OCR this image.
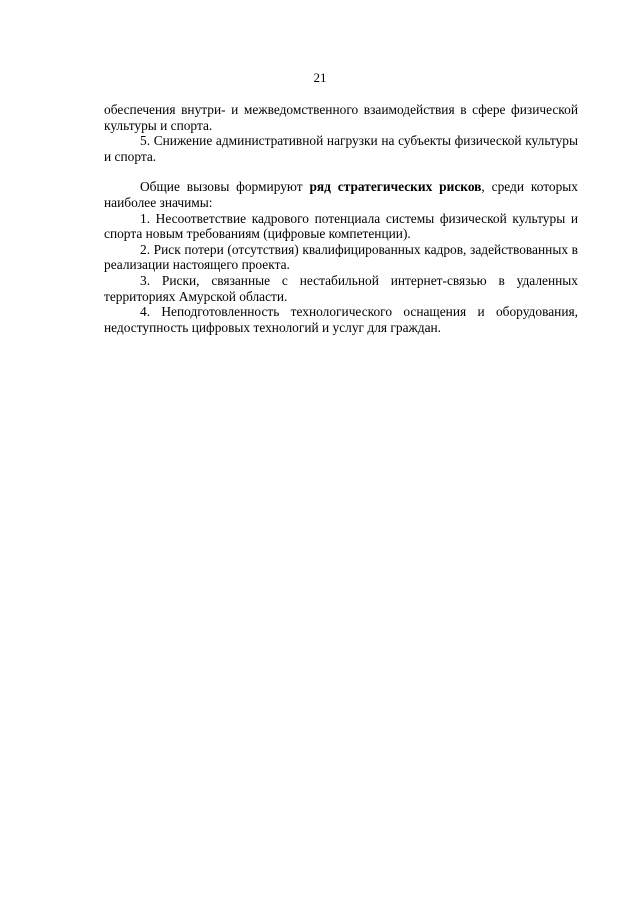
21

обеспечения внутри- и межведомственного взаимодействия в сфере физической культуры и спорта.

5. Снижение административной нагрузки на субъекты физической культуры и спорта.

Общие вызовы формируют ряд стратегических рисков, среди которых наиболее значимы:

1. Несоответствие кадрового потенциала системы физической культуры и спорта новым требованиям (цифровые компетенции).

2. Риск потери (отсутствия) квалифицированных кадров, задействованных в реализации настоящего проекта.

3. Риски, связанные с нестабильной интернет-связью в удаленных территориях Амурской области.

4. Неподготовленность технологического оснащения и оборудования, недоступность цифровых технологий и услуг для граждан.
